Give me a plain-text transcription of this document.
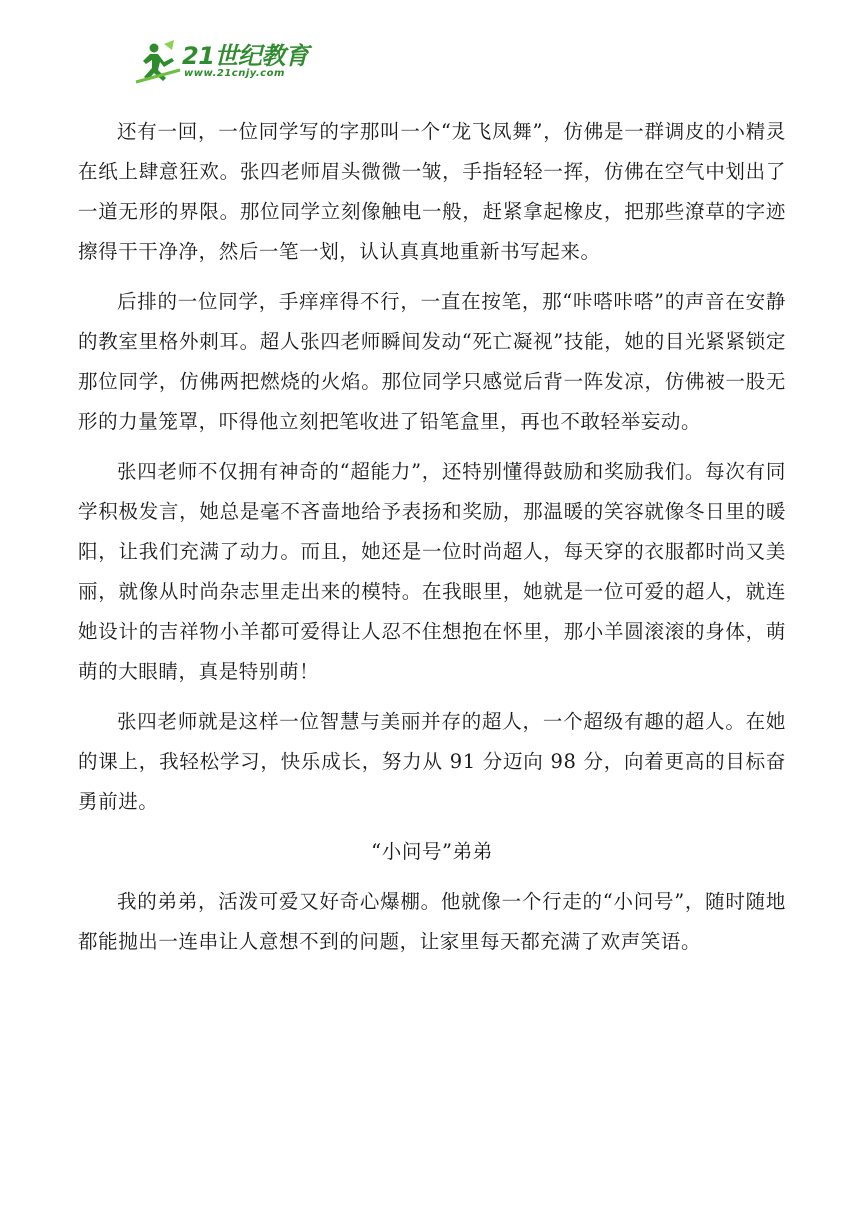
21世纪教育
www.21cnjy.com

还有一回，一位同学写的字那叫一个“龙飞凤舞”，仿佛是一群调皮的小精灵在纸上肆意狂欢。张四老师眉头微微一皱，手指轻轻一挥，仿佛在空气中划出了一道无形的界限。那位同学立刻像触电一般，赶紧拿起橡皮，把那些潦草的字迹擦得干干净净，然后一笔一划，认认真真地重新书写起来。

后排的一位同学，手痒痒得不行，一直在按笔，那“咔嗒咔嗒”的声音在安静的教室里格外刺耳。超人张四老师瞬间发动“死亡凝视”技能，她的目光紧紧锁定那位同学，仿佛两把燃烧的火焰。那位同学只感觉后背一阵发凉，仿佛被一股无形的力量笼罩，吓得他立刻把笔收进了铅笔盒里，再也不敢轻举妄动。

张四老师不仅拥有神奇的“超能力”，还特别懂得鼓励和奖励我们。每次有同学积极发言，她总是毫不吝啬地给予表扬和奖励，那温暖的笑容就像冬日里的暖阳，让我们充满了动力。而且，她还是一位时尚超人，每天穿的衣服都时尚又美丽，就像从时尚杂志里走出来的模特。在我眼里，她就是一位可爱的超人，就连她设计的吉祥物小羊都可爱得让人忍不住想抱在怀里，那小羊圆滚滚的身体，萌萌的大眼睛，真是特别萌！

张四老师就是这样一位智慧与美丽并存的超人，一个超级有趣的超人。在她的课上，我轻松学习，快乐成长，努力从 91 分迈向 98 分，向着更高的目标奋勇前进。

“小问号”弟弟

我的弟弟，活泼可爱又好奇心爆棚。他就像一个行走的“小问号”，随时随地都能抛出一连串让人意想不到的问题，让家里每天都充满了欢声笑语。
